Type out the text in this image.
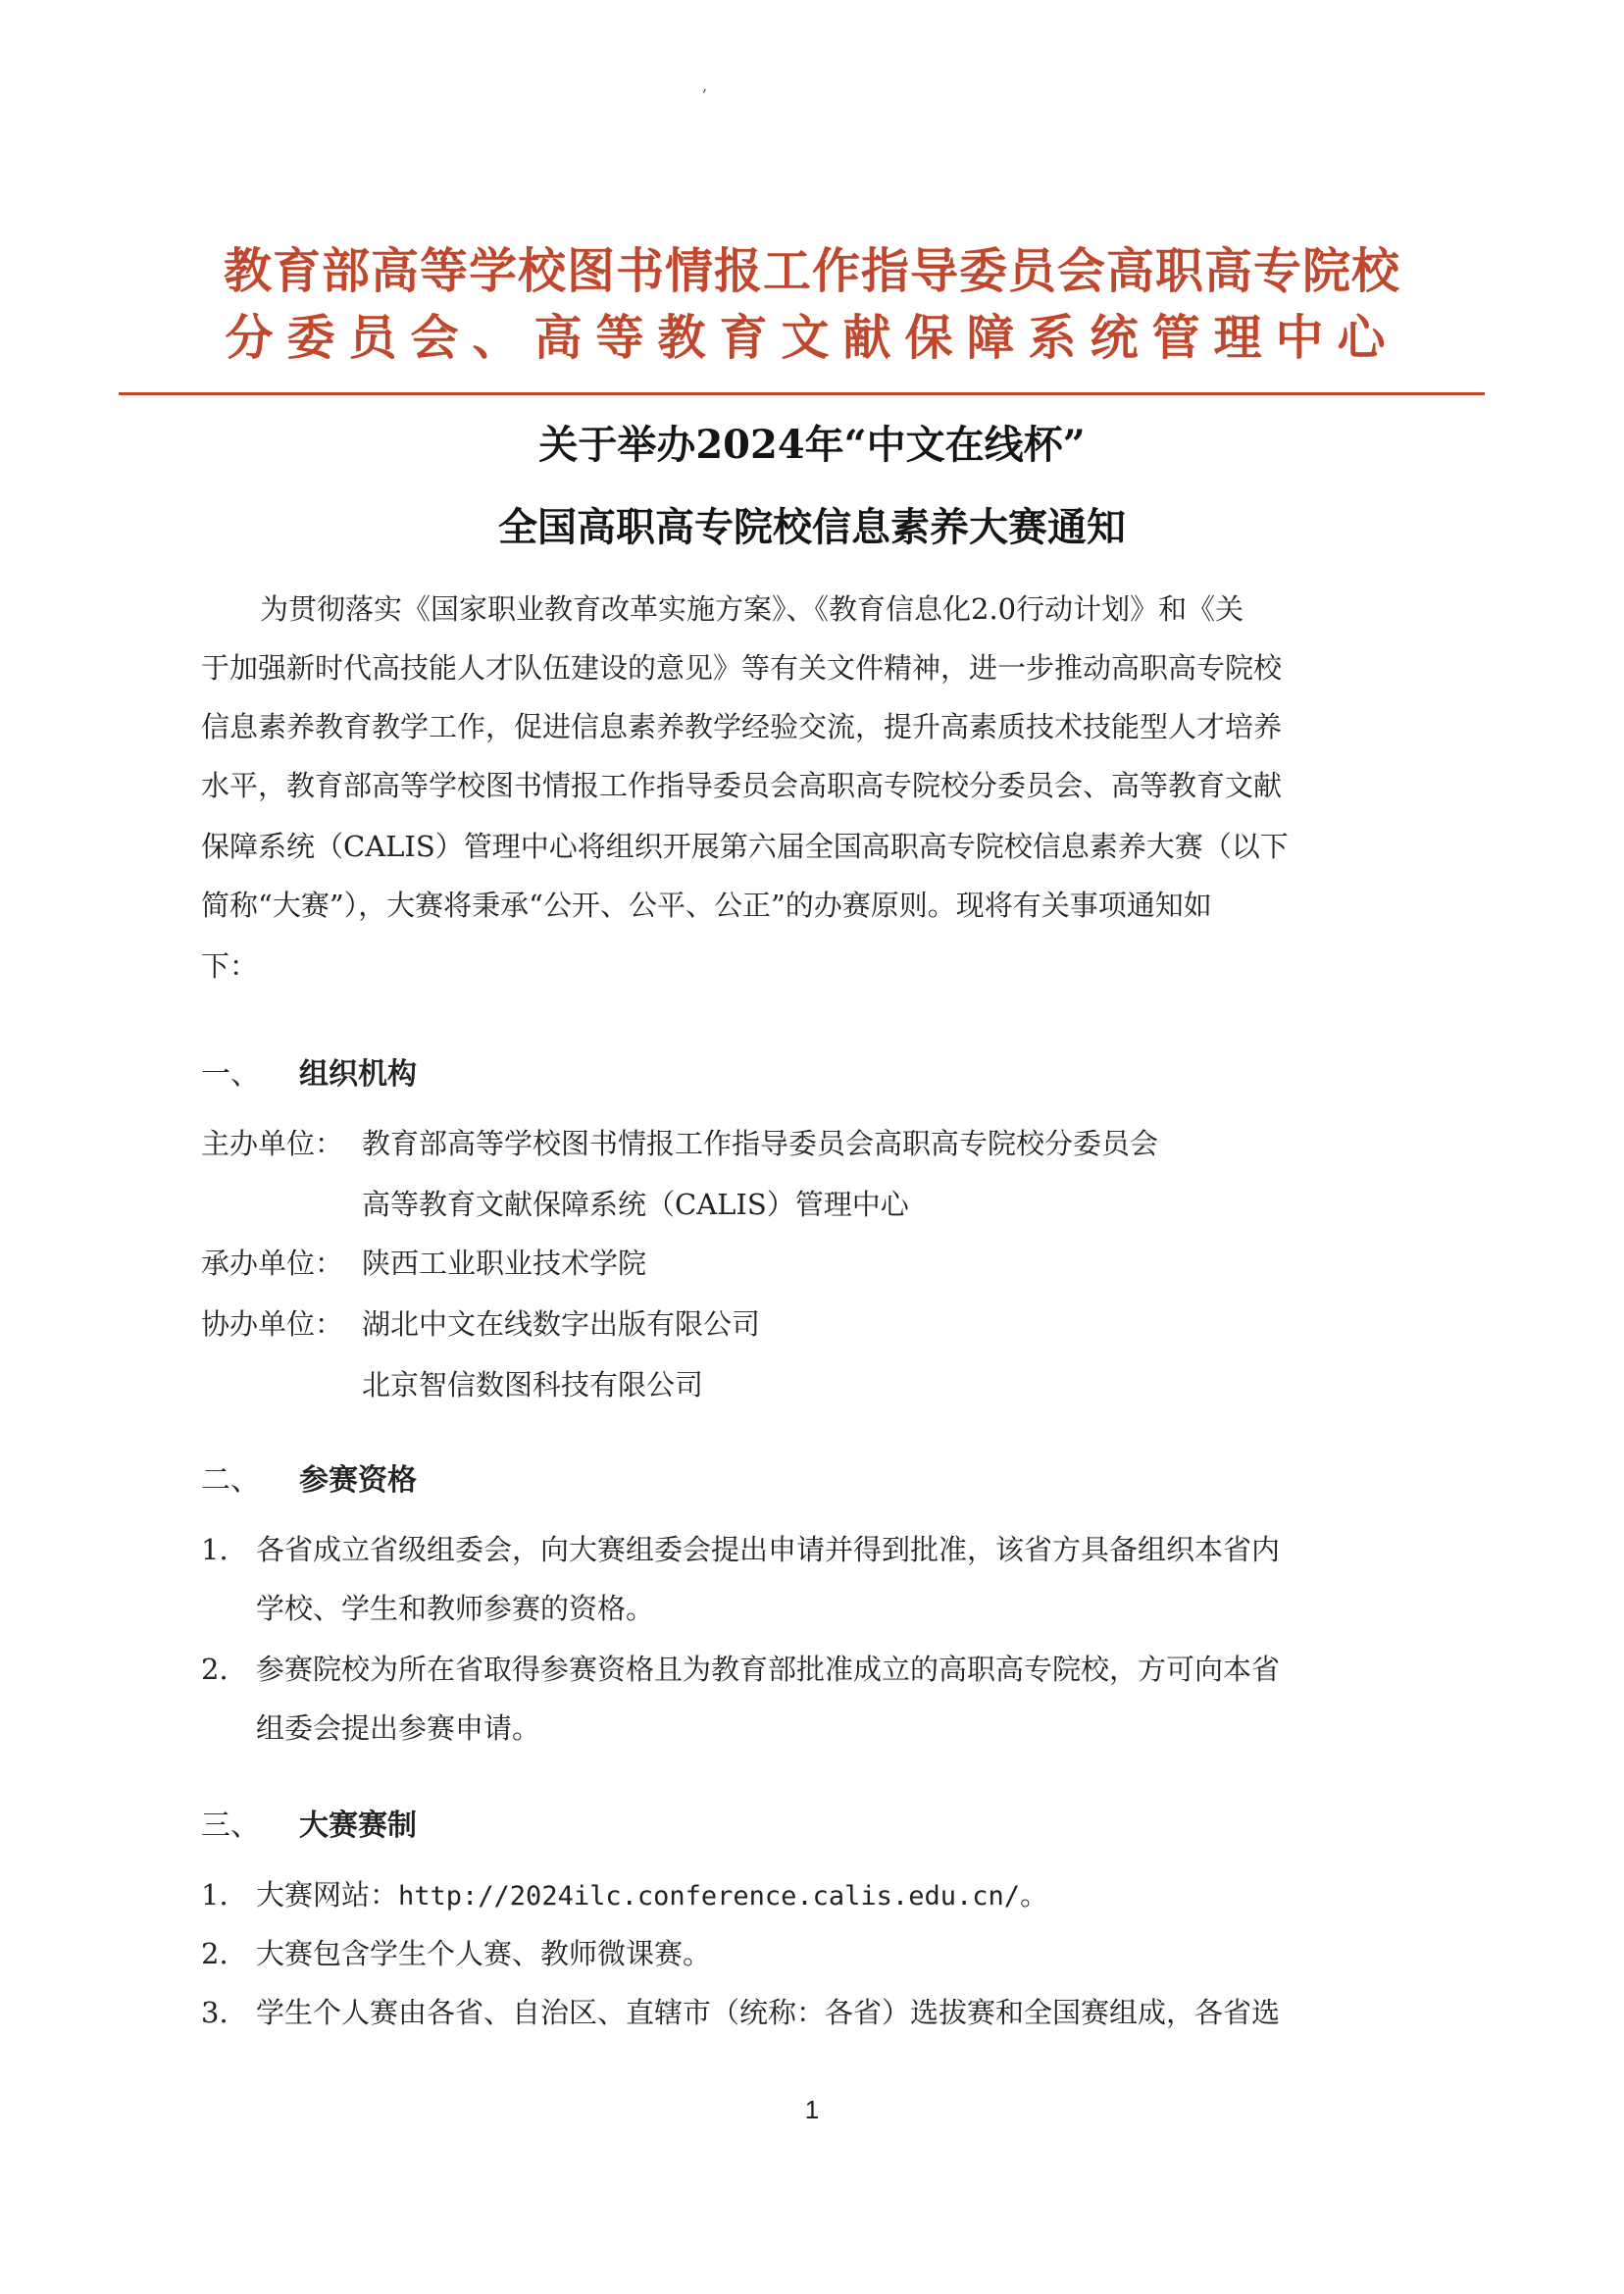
,
教育部高等学校图书情报工作指导委员会高职高专院校
分委员会、高等教育文献保障系统管理中心
关于举办2024年“中文在线杯”
全国高职高专院校信息素养大赛通知
为贯彻落实《国家职业教育改革实施方案》、《教育信息化2.0行动计划》和《关
于加强新时代高技能人才队伍建设的意见》等有关文件精神，进一步推动高职高专院校
信息素养教育教学工作，促进信息素养教学经验交流，提升高素质技术技能型人才培养
水平，教育部高等学校图书情报工作指导委员会高职高专院校分委员会、高等教育文献
保障系统（CALIS）管理中心将组织开展第六届全国高职高专院校信息素养大赛（以下
简称“大赛”），大赛将秉承“公开、公平、公正”的办赛原则。现将有关事项通知如
下：
一、 组织机构
主办单位： 教育部高等学校图书情报工作指导委员会高职高专院校分委员会
高等教育文献保障系统（CALIS）管理中心
承办单位： 陕西工业职业技术学院
协办单位： 湖北中文在线数字出版有限公司
北京智信数图科技有限公司
二、 参赛资格
1. 各省成立省级组委会，向大赛组委会提出申请并得到批准，该省方具备组织本省内
学校、学生和教师参赛的资格。
2. 参赛院校为所在省取得参赛资格且为教育部批准成立的高职高专院校，方可向本省
组委会提出参赛申请。
三、 大赛赛制
1. 大赛网站：http://2024ilc.conference.calis.edu.cn/。
2. 大赛包含学生个人赛、教师微课赛。
3. 学生个人赛由各省、自治区、直辖市（统称：各省）选拔赛和全国赛组成，各省选
1
